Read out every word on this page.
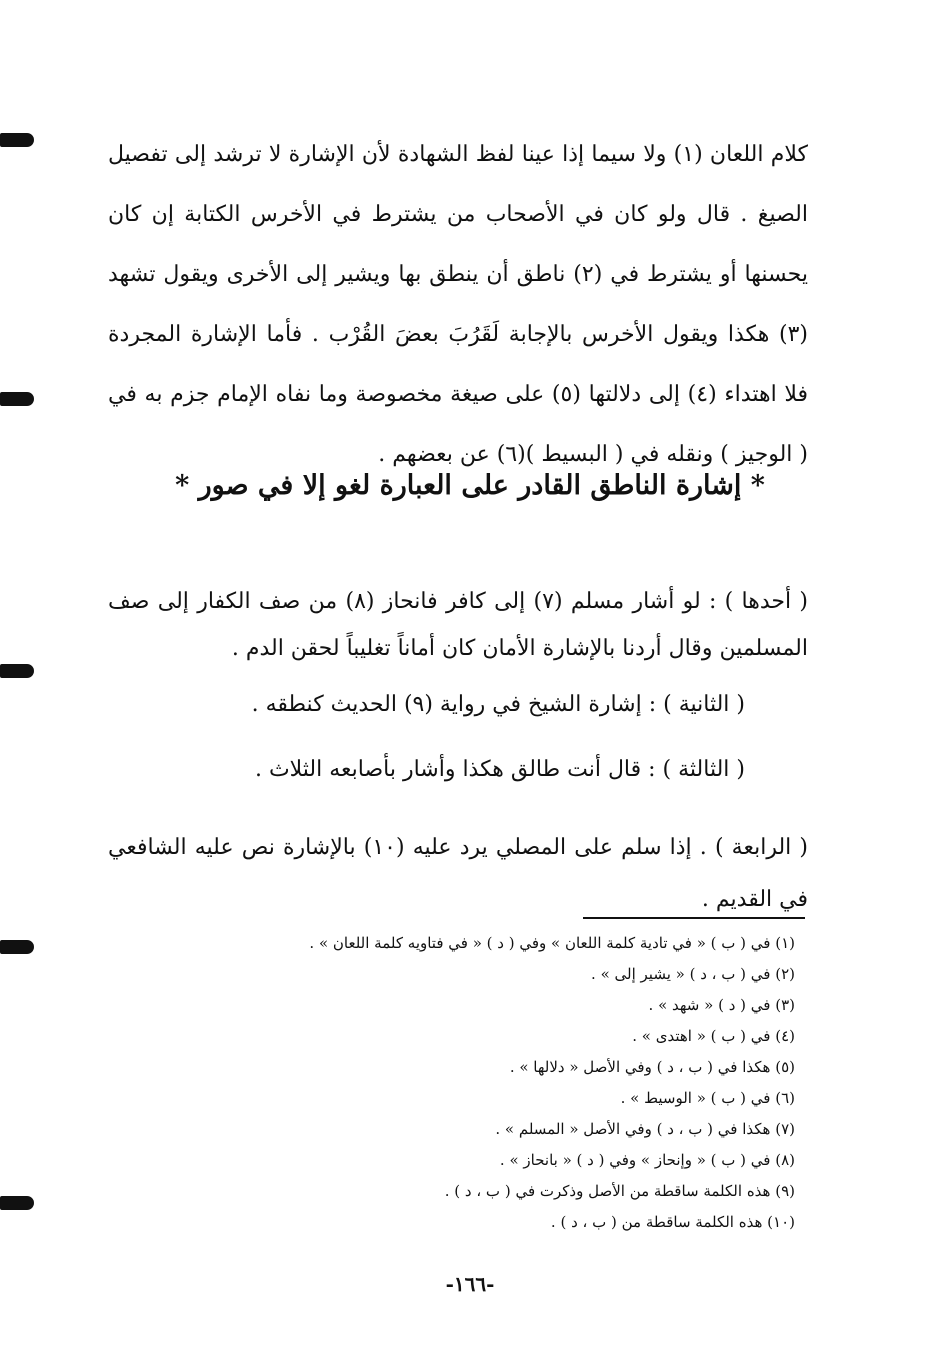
كلام اللعان (١) ولا سيما إذا عينا لفظ الشهادة لأن الإشارة لا ترشد إلى تفصيل الصيغ . قال ولو كان في الأصحاب من يشترط في الأخرس الكتابة إن كان يحسنها أو يشترط في (٢) ناطق أن ينطق بها ويشير إلى الأخرى ويقول تشهد (٣) هكذا ويقول الأخرس بالإجابة لَقَرُبَ بعضَ القُرْب . فأما الإشارة المجردة فلا اهتداء (٤) إلى دلالتها (٥) على صيغة مخصوصة وما نفاه الإمام جزم به في ( الوجيز ) ونقله في ( البسيط )(٦) عن بعضهم .
* إشارة الناطق القادر على العبارة لغو إلا في صور *
( أحدها ) : لو أشار مسلم (٧) إلى كافر فانحاز (٨) من صف الكفار إلى صف المسلمين وقال أردنا بالإشارة الأمان كان أماناً تغليباً لحقن الدم .
( الثانية ) : إشارة الشيخ في رواية (٩) الحديث كنطقه .
( الثالثة ) : قال أنت طالق هكذا وأشار بأصابعه الثلاث .
( الرابعة ) . إذا سلم على المصلي يرد عليه (١٠) بالإشارة نص عليه الشافعي في القديم .
(١) في ( ب ) « في تادية كلمة اللعان » وفي ( د ) « في فتاويه كلمة اللعان » .
(٢) في ( ب ، د ) « يشير إلى » .
(٣) في ( د ) « شهد » .
(٤) في ( ب ) « اهتدى » .
(٥) هكذا في ( ب ، د ) وفي الأصل « دلالها » .
(٦) في ( ب ) « الوسيط » .
(٧) هكذا في ( ب ، د ) وفي الأصل « المسلم » .
(٨) في ( ب ) « وإنحاز » وفي ( د ) « بانحاز » .
(٩) هذه الكلمة ساقطة من الأصل وذكرت في ( ب ، د ) .
(١٠) هذه الكلمة ساقطة من ( ب ، د ) .
-١٦٦-
